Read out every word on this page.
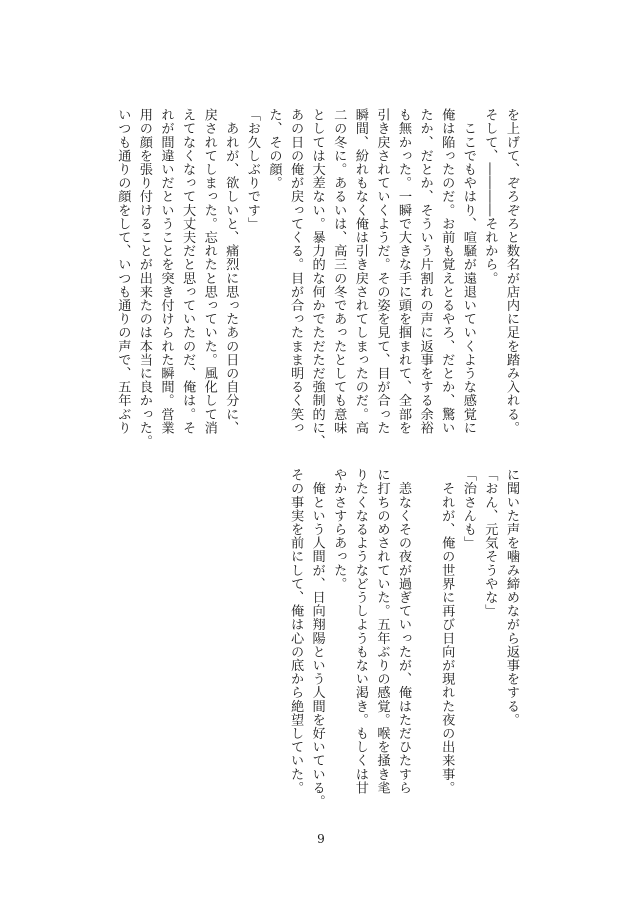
を上げて、ぞろぞろと数名が店内に足を踏み入れる。

そして、――――それから。

　ここでもやはり、喧騒が遠退いていくような感覚に

俺は陥ったのだ。お前も覚えとるやろ、だとか、驚い

たか、だとか、そういう片割れの声に返事をする余裕

も無かった。一瞬で大きな手に頭を掴まれて、全部を

引き戻されていくようだ。その姿を見て、目が合った

瞬間、紛れもなく俺は引き戻されてしまったのだ。高

二の冬に。あるいは、高三の冬であったとしても意味

としては大差ない。暴力的な何かでただただ強制的に、

あの日の俺が戻ってくる。目が合ったまま明るく笑っ

た、その顔。

「お久しぶりです」

　あれが、欲しいと、痛烈に思ったあの日の自分に、

戻されてしまった。忘れたと思っていた。風化して消

えてなくなって大丈夫だと思っていたのだ、俺は。そ

れが間違いだということを突き付けられた瞬間。営業

用の顔を張り付けることが出来たのは本当に良かった。

いつも通りの顔をして、いつも通りの声で、五年ぶり

に聞いた声を噛み締めながら返事をする。

「おん、元気そうやな」

「治さんも」

　それが、俺の世界に再び日向が現れた夜の出来事。

　恙なくその夜が過ぎていったが、俺はただひたすら

に打ちのめされていた。五年ぶりの感覚。喉を掻き毟

りたくなるようなどうしようもない渇き。もしくは甘

やかさすらあった。

　俺という人間が、日向翔陽という人間を好いている。

その事実を前にして、俺は心の底から絶望していた。

9
